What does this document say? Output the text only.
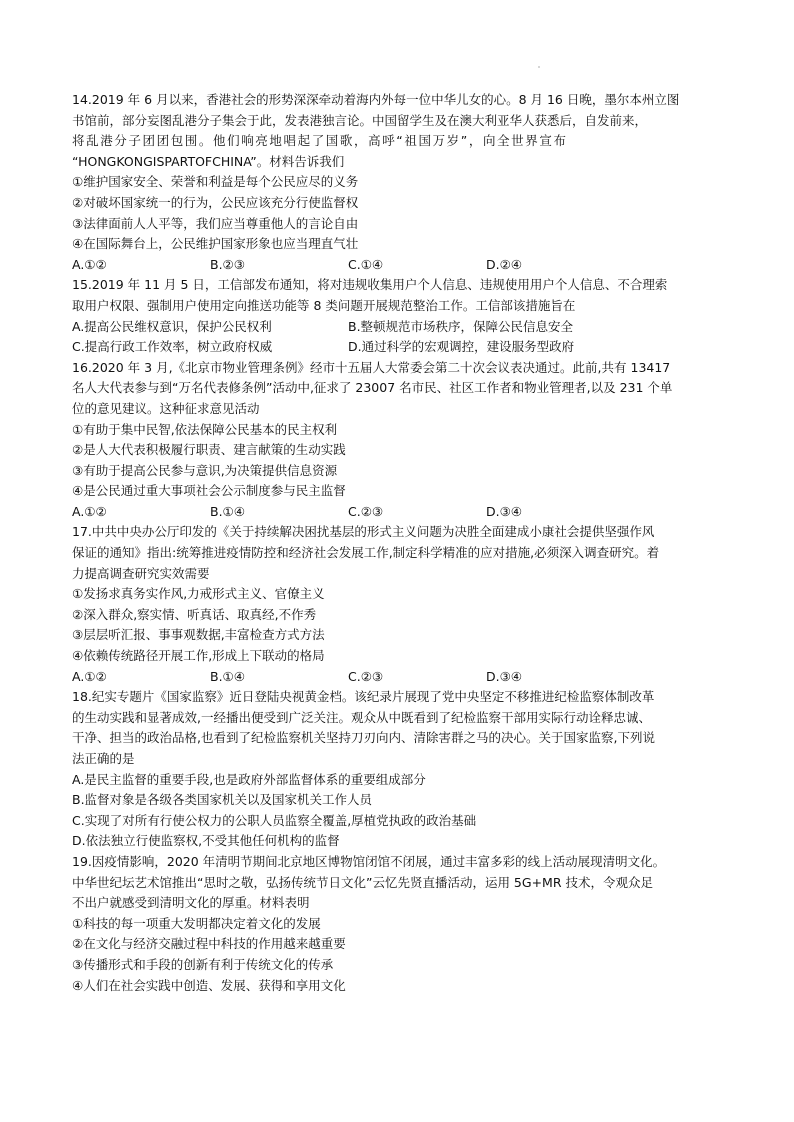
14.2019 年 6 月以来，香港社会的形势深深牵动着海内外每一位中华儿女的心。8 月 16 日晚，墨尔本州立图

书馆前，部分妄图乱港分子集会于此，发表港独言论。中国留学生及在澳大利亚华人获悉后，自发前来，

将乱港分子团团包围。他们响亮地唱起了国歌，高呼“祖国万岁”，向全世界宣布

“HONGKONGISPARTOFCHINA”。材料告诉我们

①维护国家安全、荣誉和利益是每个公民应尽的义务

②对破坏国家统一的行为，公民应该充分行使监督权

③法律面前人人平等，我们应当尊重他人的言论自由

④在国际舞台上，公民维护国家形象也应当理直气壮

A.①②	B.②③	C.①④	D.②④

15.2019 年 11 月 5 日，工信部发布通知，将对违规收集用户个人信息、违规使用用户个人信息、不合理索

取用户权限、强制用户使用定向推送功能等 8 类问题开展规范整治工作。工信部该措施旨在

A.提高公民维权意识，保护公民权利	B.整顿规范市场秩序，保障公民信息安全
C.提高行政工作效率，树立政府权威	D.通过科学的宏观调控，建设服务型政府

16.2020 年 3 月,《北京市物业管理条例》经市十五届人大常委会第二十次会议表决通过。此前,共有 13417

名人大代表参与到“万名代表修条例”活动中,征求了 23007 名市民、社区工作者和物业管理者,以及 231 个单

位的意见建议。这种征求意见活动

①有助于集中民智,依法保障公民基本的民主权利

②是人大代表积极履行职责、建言献策的生动实践

③有助于提高公民参与意识,为决策提供信息资源

④是公民通过重大事项社会公示制度参与民主监督

A.①②	B.①④	C.②③	D.③④

17.中共中央办公厅印发的《关于持续解决困扰基层的形式主义问题为决胜全面建成小康社会提供坚强作风

保证的通知》指出:统筹推进疫情防控和经济社会发展工作,制定科学精准的应对措施,必须深入调查研究。着

力提高调查研究实效需要

①发扬求真务实作风,力戒形式主义、官僚主义

②深入群众,察实情、听真话、取真经,不作秀

③层层听汇报、事事观数据,丰富检查方式方法

④依赖传统路径开展工作,形成上下联动的格局

A.①②	B.①④	C.②③	D.③④

18.纪实专题片《国家监察》近日登陆央视黄金档。该纪录片展现了党中央坚定不移推进纪检监察体制改革

的生动实践和显著成效,一经播出便受到广泛关注。观众从中既看到了纪检监察干部用实际行动诠释忠诚、

干净、担当的政治品格,也看到了纪检监察机关坚持刀刃向内、清除害群之马的决心。关于国家监察,下列说

法正确的是

A.是民主监督的重要手段,也是政府外部监督体系的重要组成部分

B.监督对象是各级各类国家机关以及国家机关工作人员

C.实现了对所有行使公权力的公职人员监察全覆盖,厚植党执政的政治基础

D.依法独立行使监察权,不受其他任何机构的监督

19.因疫情影响，2020 年清明节期间北京地区博物馆闭馆不闭展，通过丰富多彩的线上活动展现清明文化。

中华世纪坛艺术馆推出“思时之敬，弘扬传统节日文化”云忆先贤直播活动，运用 5G+MR 技术，令观众足

不出户就感受到清明文化的厚重。材料表明

①科技的每一项重大发明都决定着文化的发展

②在文化与经济交融过程中科技的作用越来越重要

③传播形式和手段的创新有利于传统文化的传承

④人们在社会实践中创造、发展、获得和享用文化
